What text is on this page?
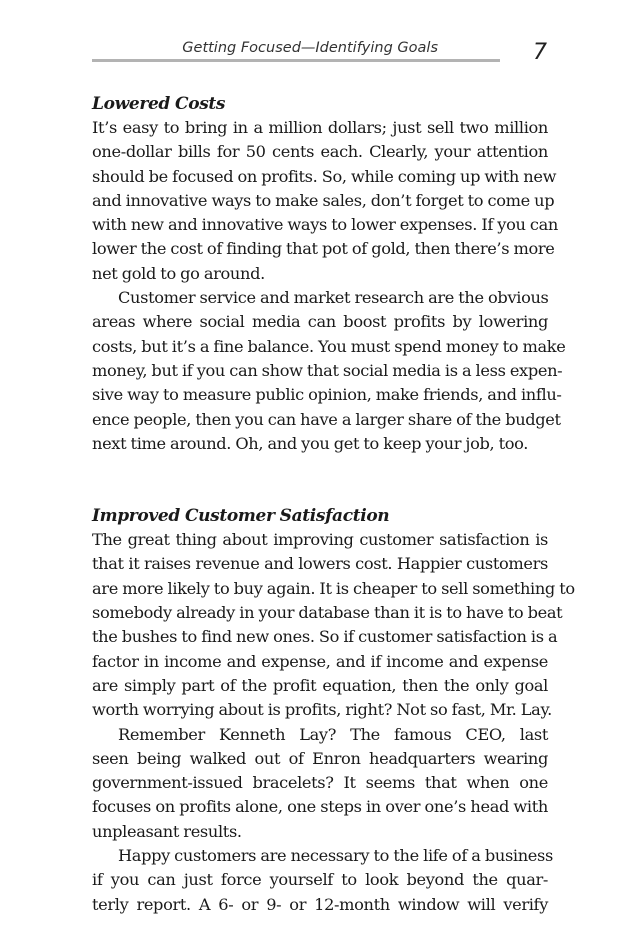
Getting Focused—Identifying Goals	7
Lowered Costs
It’s easy to bring in a million dollars; just sell two million
one-dollar bills for 50 cents each. Clearly, your attention
should be focused on profits. So, while coming up with new
and innovative ways to make sales, don’t forget to come up
with new and innovative ways to lower expenses. If you can
lower the cost of finding that pot of gold, then there’s more
net gold to go around.
Customer service and market research are the obvious
areas where social media can boost profits by lowering
costs, but it’s a fine balance. You must spend money to make
money, but if you can show that social media is a less expen-
sive way to measure public opinion, make friends, and influ-
ence people, then you can have a larger share of the budget
next time around. Oh, and you get to keep your job, too.
Improved Customer Satisfaction
The great thing about improving customer satisfaction is
that it raises revenue and lowers cost. Happier customers
are more likely to buy again. It is cheaper to sell something to
somebody already in your database than it is to have to beat
the bushes to find new ones. So if customer satisfaction is a
factor in income and expense, and if income and expense
are simply part of the profit equation, then the only goal
worth worrying about is profits, right? Not so fast, Mr. Lay.
Remember Kenneth Lay? The famous CEO, last
seen being walked out of Enron headquarters wearing
government-issued bracelets? It seems that when one
focuses on profits alone, one steps in over one’s head with
unpleasant results.
Happy customers are necessary to the life of a business
if you can just force yourself to look beyond the quar-
terly report. A 6- or 9- or 12-month window will verify
